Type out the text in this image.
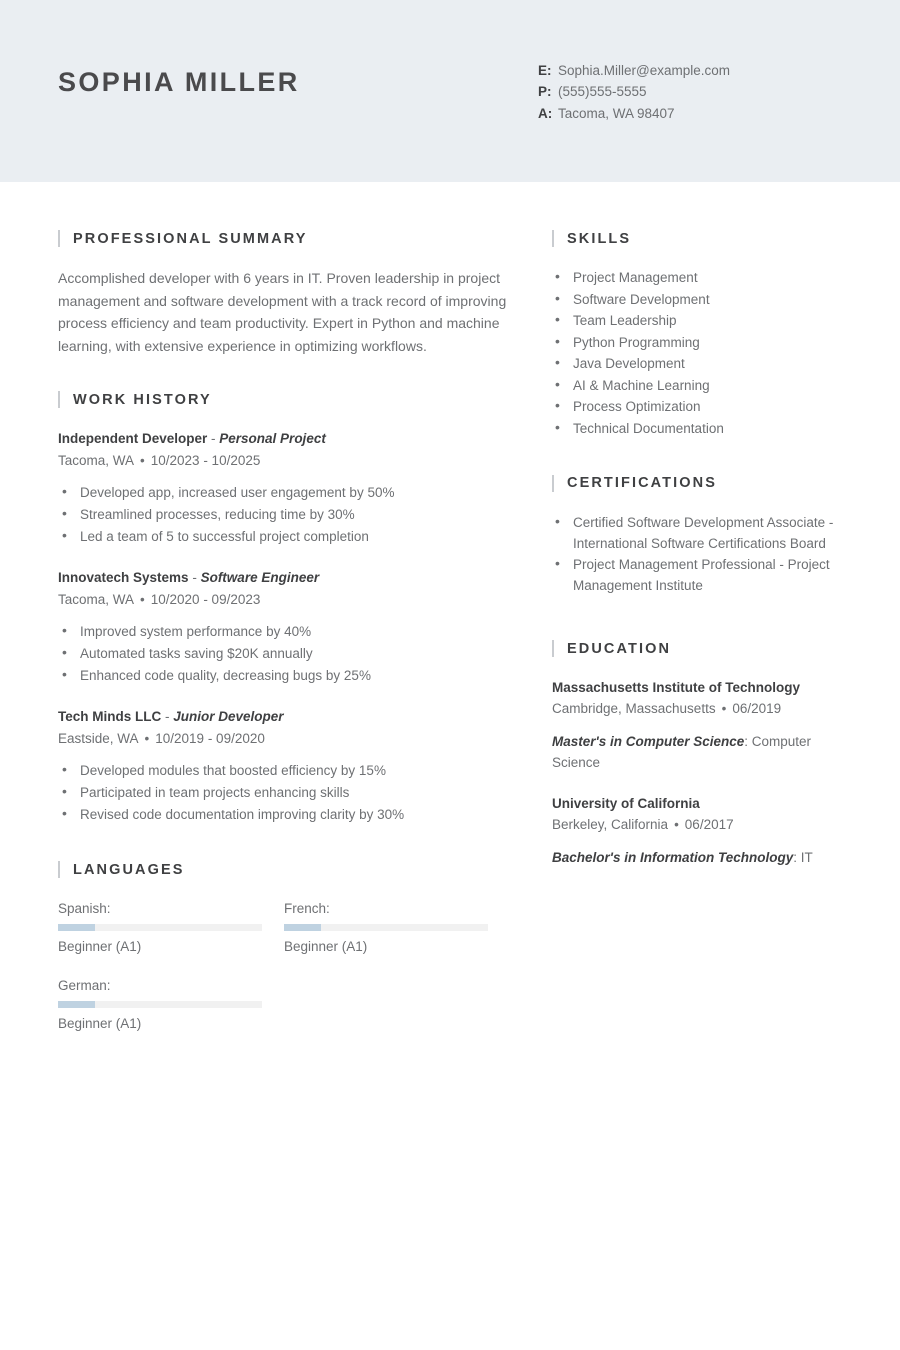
SOPHIA MILLER	E: Sophia.Miller@example.com
P: (555)555-5555
A: Tacoma, WA 98407
PROFESSIONAL SUMMARY

Accomplished developer with 6 years in IT. Proven leadership in project management and software development with a track record of improving process efficiency and team productivity. Expert in Python and machine learning, with extensive experience in optimizing workflows.

WORK HISTORY
Independent Developer - Personal Project
Tacoma, WA • 10/2023 - 10/2025
• Developed app, increased user engagement by 50%
• Streamlined processes, reducing time by 30%
• Led a team of 5 to successful project completion
Innovatech Systems - Software Engineer
Tacoma, WA • 10/2020 - 09/2023
• Improved system performance by 40%
• Automated tasks saving $20K annually
• Enhanced code quality, decreasing bugs by 25%
Tech Minds LLC - Junior Developer
Eastside, WA • 10/2019 - 09/2020
• Developed modules that boosted efficiency by 15%
• Participated in team projects enhancing skills
• Revised code documentation improving clarity by 30%
LANGUAGES
Spanish:
Beginner (A1)
French:
Beginner (A1)
German:
Beginner (A1)
SKILLS
• Project Management
• Software Development
• Team Leadership
• Python Programming
• Java Development
• AI & Machine Learning
• Process Optimization
• Technical Documentation
CERTIFICATIONS
• Certified Software Development Associate - International Software Certifications Board
• Project Management Professional - Project Management Institute
EDUCATION
Massachusetts Institute of Technology
Cambridge, Massachusetts • 06/2019
Master's in Computer Science: Computer Science
University of California
Berkeley, California • 06/2017
Bachelor's in Information Technology: IT
